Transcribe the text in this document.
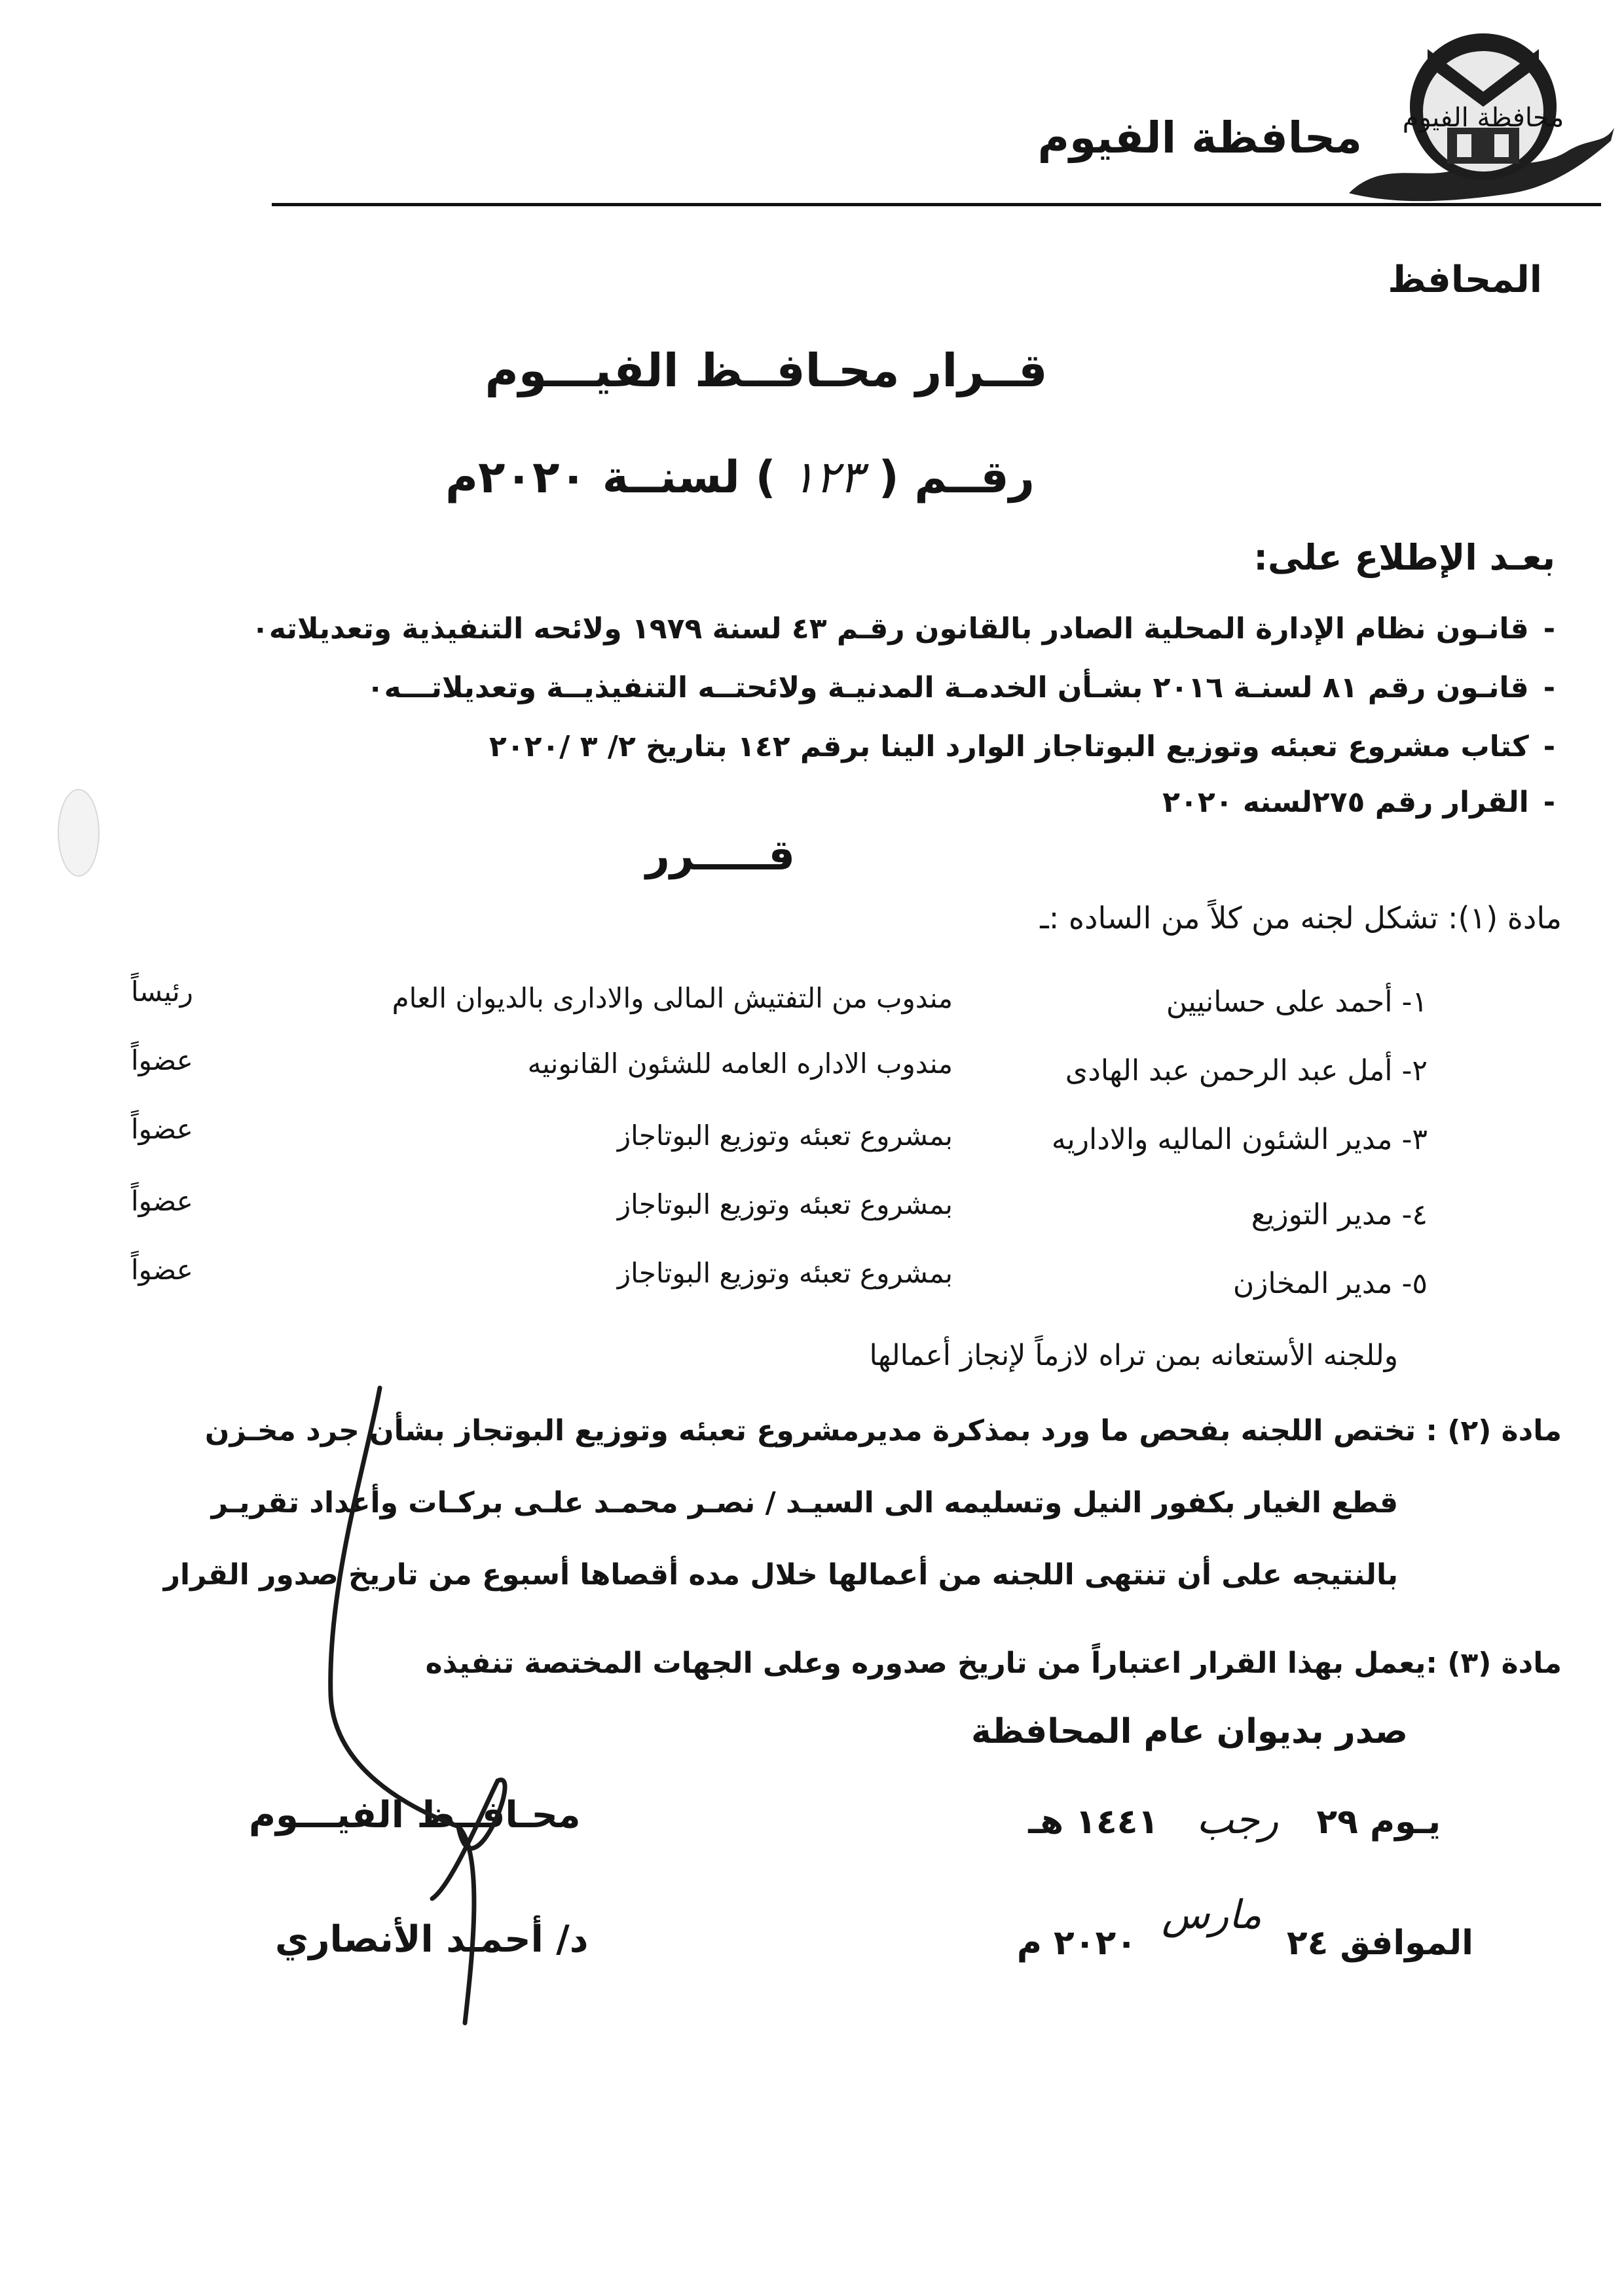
محافظة الفيوم
محافظة الفيوم
المحافظ
قــرار محـافــظ الفيـــوم
رقــم ( ١٢٣ ) لسنــة ٢٠٢٠م
بعـد الإطلاع على:
-قانـون نظام الإدارة المحلية الصادر بالقانون رقـم ٤٣ لسنة ١٩٧٩ ولائحه التنفيذية وتعديلاته٠
-قانـون رقم ٨١ لسنـة ٢٠١٦ بشـأن الخدمـة المدنيـة ولائحتــه التنفيذيــة وتعديلاتـــه٠
-كتاب مشروع تعبئه وتوزيع البوتاجاز الوارد الينا برقم ١٤٢ بتاريخ ٢/ ٣ /٢٠٢٠
-القرار رقم ٢٧٥لسنه ٢٠٢٠
قـــــرر
مادة (١): تشكل لجنه من كلاً من الساده :ـ
١- أحمد على حسانيين
مندوب من التفتيش المالى والادارى بالديوان العام
رئيساً
٢- أمل عبد الرحمن عبد الهادى
مندوب الاداره العامه للشئون القانونيه
عضواً
٣- مدير الشئون الماليه والاداريه
بمشروع تعبئه وتوزيع البوتاجاز
عضواً
٤- مدير التوزيع
بمشروع تعبئه وتوزيع البوتاجاز
عضواً
٥- مدير المخازن
بمشروع تعبئه وتوزيع البوتاجاز
عضواً
وللجنه الأستعانه بمن تراه لازماً لإنجاز أعمالها
مادة (٢) : تختص اللجنه بفحص ما ورد بمذكرة مديرمشروع تعبئه وتوزيع البوتجاز بشأن جرد مخـزن
قطع الغيار بكفور النيل وتسليمه الى السيـد / نصـر محمـد علـى بركـات وأعداد تقريـر
بالنتيجه على أن تنتهى اللجنه من أعمالها خلال مده أقصاها أسبوع من تاريخ صدور القرار
مادة (٣) :يعمل بهذا القرار اعتباراً من تاريخ صدوره وعلى الجهات المختصة تنفيذه
صدر بديوان عام المحافظة
يـوم ٢٩ رجب ١٤٤١ هـ
الموافق ٢٤ مارس ٢٠٢٠ م
محـافــظ الفيـــوم
د/ أحمـد الأنصاري
